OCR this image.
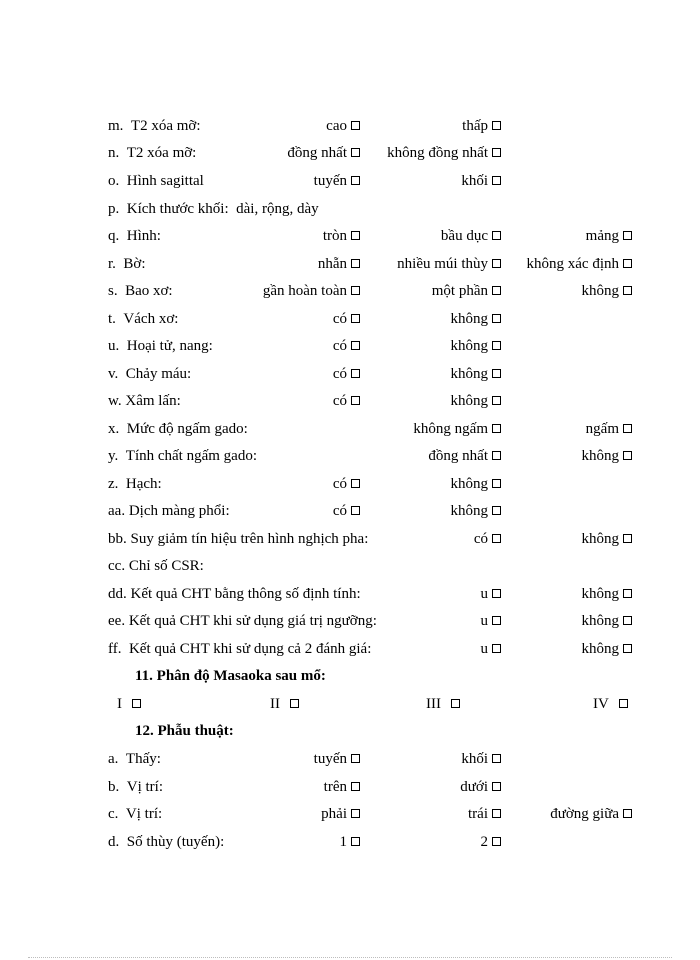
m.  T2 xóa mỡ:	cao	thấp
n.  T2 xóa mỡ:	đồng nhất	không đồng nhất
o.  Hình sagittal	tuyến	khối
p.  Kích thước khối:  dài, rộng, dày
q.  Hình:	tròn	bầu dục	mảng
r.  Bờ:	nhẵn	nhiều múi thùy	không xác định
s.  Bao xơ:	gần hoàn toàn	một phần	không
t.  Vách xơ:	có	không
u.  Hoại tử, nang:	có	không
v.  Chảy máu:	có	không
w. Xâm lấn:	có	không
x.  Mức độ ngấm gado:	không ngấm	ngấm
y.  Tính chất ngấm gado:	đồng nhất	không
z.  Hạch:	có	không
aa. Dịch màng phổi:	có	không
bb. Suy giảm tín hiệu trên hình nghịch pha:	có	không
cc. Chỉ số CSR:
dd. Kết quả CHT bằng thông số định tính:	u	không
ee. Kết quả CHT khi sử dụng giá trị ngưỡng:	u	không
ff.  Kết quả CHT khi sử dụng cả 2 đánh giá:	u	không
11. Phân độ Masaoka sau mổ:
I	II	III	IV
12. Phẫu thuật:
a.  Thấy:	tuyến	khối
b.  Vị trí:	trên	dưới
c.  Vị trí:	phải	trái	đường giữa
d.  Số thùy (tuyến):	1	2
